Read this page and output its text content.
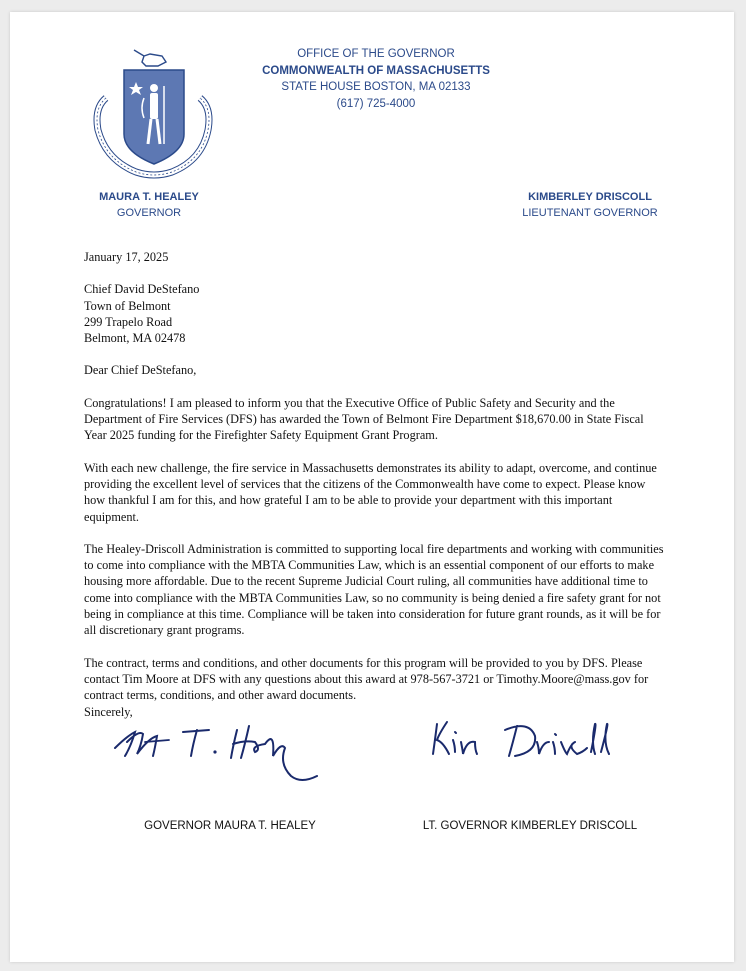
OFFICE OF THE GOVERNOR
COMMONWEALTH OF MASSACHUSETTS
STATE HOUSE BOSTON, MA 02133
(617) 725-4000
MAURA T. HEALEY
GOVERNOR
KIMBERLEY DRISCOLL
LIEUTENANT GOVERNOR

January 17, 2025

Chief David DeStefano
Town of Belmont
299 Trapelo Road
Belmont, MA 02478

Dear Chief DeStefano,

Congratulations! I am pleased to inform you that the Executive Office of Public Safety and Security and the Department of Fire Services (DFS) has awarded the Town of Belmont Fire Department $18,670.00 in State Fiscal Year 2025 funding for the Firefighter Safety Equipment Grant Program.

With each new challenge, the fire service in Massachusetts demonstrates its ability to adapt, overcome, and continue providing the excellent level of services that the citizens of the Commonwealth have come to expect. Please know how thankful I am for this, and how grateful I am to be able to provide your department with this important equipment.

The Healey-Driscoll Administration is committed to supporting local fire departments and working with communities to come into compliance with the MBTA Communities Law, which is an essential component of our efforts to make housing more affordable. Due to the recent Supreme Judicial Court ruling, all communities have additional time to come into compliance with the MBTA Communities Law, so no community is being denied a fire safety grant for not being in compliance at this time. Compliance will be taken into consideration for future grant rounds, as it will be for all discretionary grant programs.

The contract, terms and conditions, and other documents for this program will be provided to you by DFS. Please contact Tim Moore at DFS with any questions about this award at 978-567-3721 or Timothy.Moore@mass.gov for contract terms, conditions, and other award documents.

Sincerely,
GOVERNOR MAURA T. HEALEY	LT. GOVERNOR KIMBERLEY DRISCOLL
